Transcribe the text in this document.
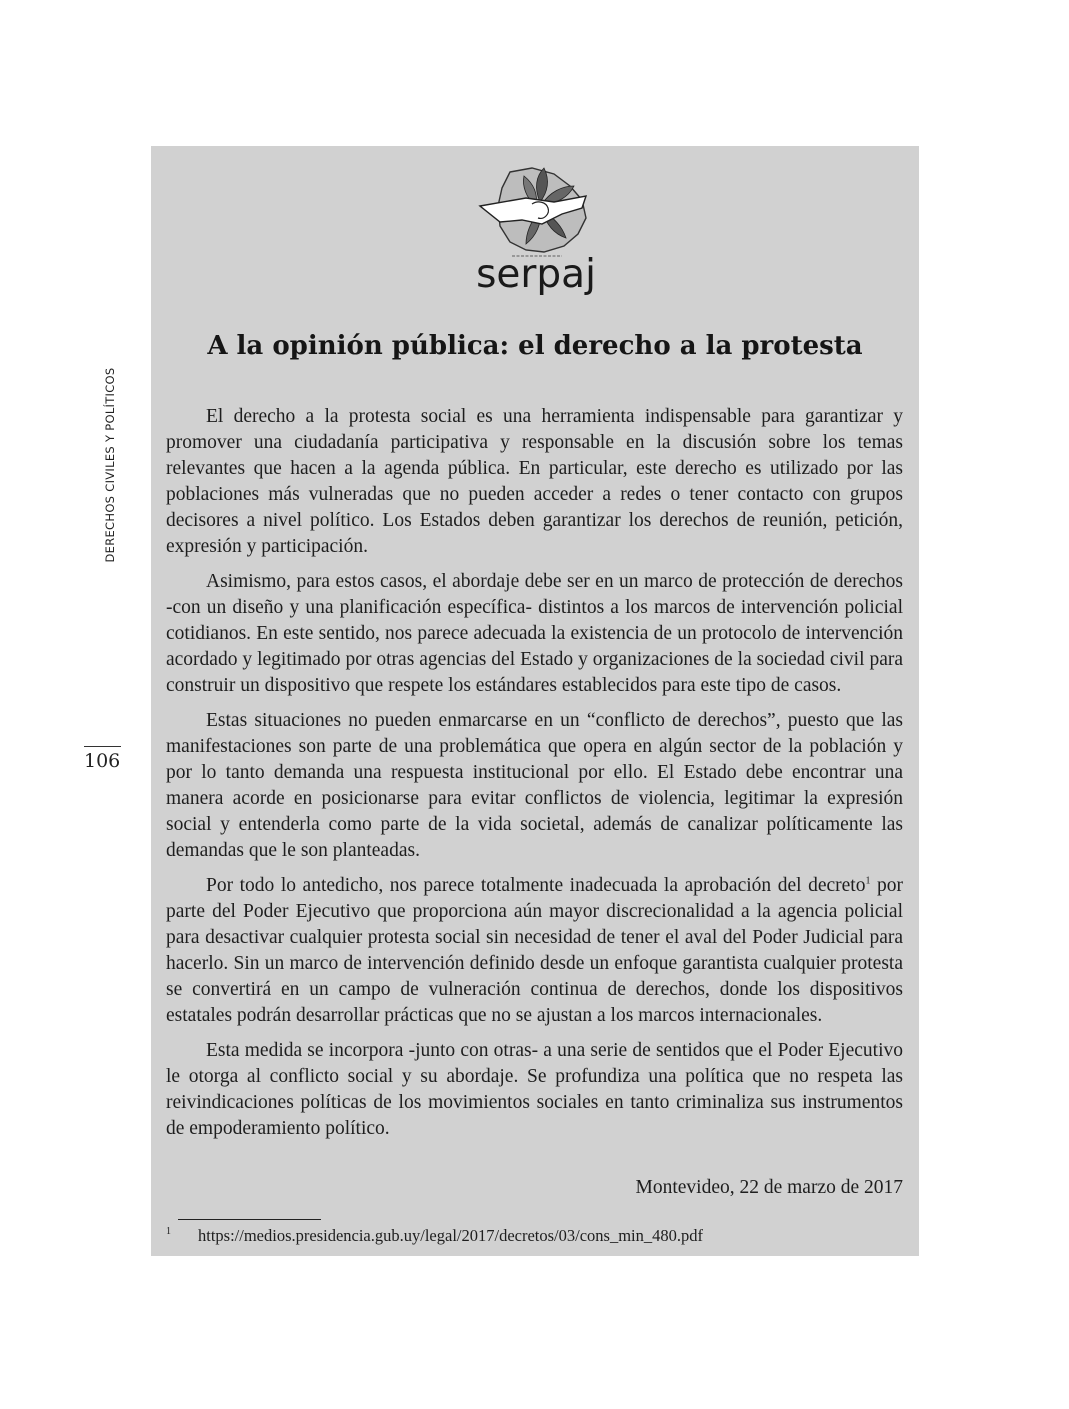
DERECHOS CIVILES Y POLÍTICOS
106
serpaj
A la opinión pública: el derecho a la protesta

El derecho a la protesta social es una herramienta indispensable para garantizar y promover una ciudadanía participativa y responsable en la discusión sobre los temas relevantes que hacen a la agenda pública. En particular, este derecho es utilizado por las poblaciones más vulneradas que no pueden acceder a redes o tener contacto con grupos decisores a nivel político. Los Estados deben garantizar los derechos de reunión, petición, expresión y participación.

Asimismo, para estos casos, el abordaje debe ser en un marco de protección de derechos -con un diseño y una planificación específica- distintos a los marcos de intervención policial cotidianos. En este sentido, nos parece adecuada la existencia de un protocolo de intervención acordado y legitimado por otras agencias del Estado y organizaciones de la sociedad civil para construir un dispositivo que respete los estándares establecidos para este tipo de casos.

Estas situaciones no pueden enmarcarse en un “conflicto de derechos”, puesto que las manifestaciones son parte de una problemática que opera en algún sector de la población y por lo tanto demanda una respuesta institucional por ello. El Estado debe encontrar una manera acorde en posicionarse para evitar conflictos de violencia, legitimar la expresión social y entenderla como parte de la vida societal, además de canalizar políticamente las demandas que le son planteadas.

Por todo lo antedicho, nos parece totalmente inadecuada la aprobación del decreto$^1$ por parte del Poder Ejecutivo que proporciona aún mayor discrecionalidad a la agencia policial para desactivar cualquier protesta social sin necesidad de tener el aval del Poder Judicial para hacerlo. Sin un marco de intervención definido desde un enfoque garantista cualquier protesta se convertirá en un campo de vulneración continua de derechos, donde los dispositivos estatales podrán desarrollar prácticas que no se ajustan a los marcos internacionales.

Esta medida se incorpora -junto con otras- a una serie de sentidos que el Poder Ejecutivo le otorga al conflicto social y su abordaje. Se profundiza una política que no respeta las reivindicaciones políticas de los movimientos sociales en tanto criminaliza sus instrumentos de empoderamiento político.

Montevideo, 22 de marzo de 2017
1 https://medios.presidencia.gub.uy/legal/2017/decretos/03/cons_min_480.pdf
